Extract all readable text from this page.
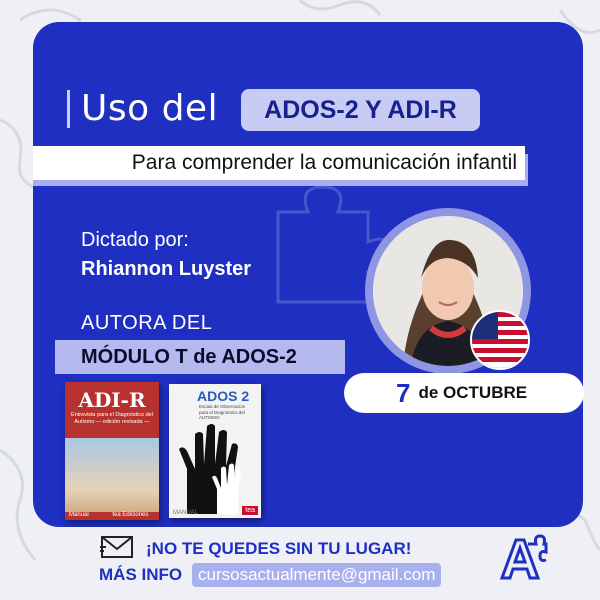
Uso del	ADOS-2 Y ADI-R
Para comprender la comunicación infantil
Dictado por:
Rhiannon Luyster
AUTORA DEL
MÓDULO T de ADOS-2
ADI-R
Entrevista para el Diagnóstico del Autismo — edición revisada —
Manual	tea Ediciones
ADOS 2
Escala de Observación para el Diagnóstico del AUTISMO
MANUAL	tea
7 de OCTUBRE
¡NO TE QUEDES SIN TU LUGAR!
MÁS INFO cursosactualmente@gmail.com
